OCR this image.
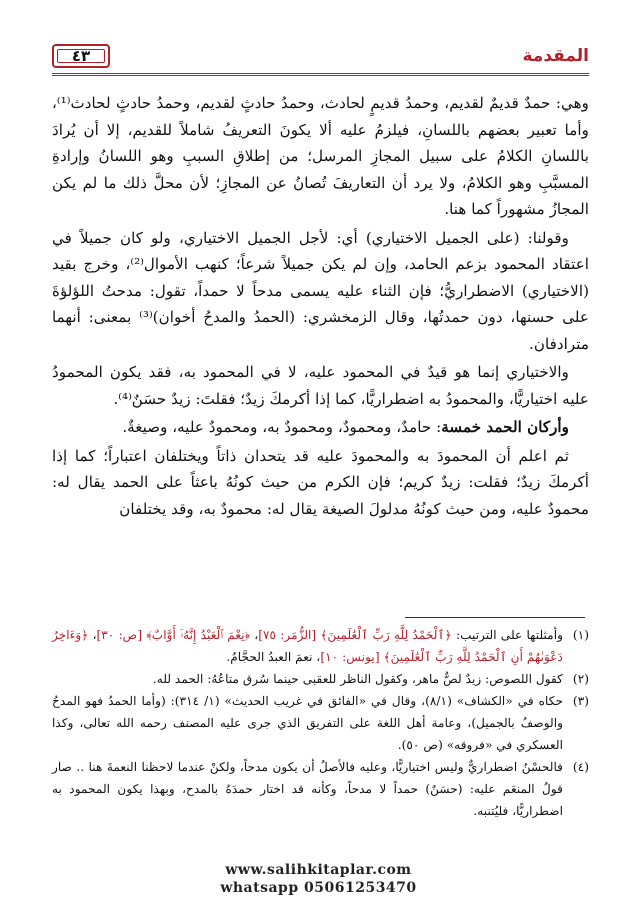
المقدمة
٤٣

وهي: حمدٌ قديمٌ لقديم، وحمدُ قديمٍ لحادث، وحمدُ حادثٍ لقديم، وحمدُ حادثٍ لحادث⁽¹⁾، وأما تعبير بعضهم باللسانِ، فيلزمُ عليه ألا يكونَ التعريفُ شاملاً للقديم، إلا أن يُرادَ باللسانِ الكلامُ على سبيل المجازِ المرسل؛ من إطلاقِ السببِ وهو اللسانُ وإرادةِ المسبَّبِ وهو الكلامُ، ولا يرد أن التعاريفَ تُصانُ عن المجازِ؛ لأن محلَّ ذلك ما لم يكن المجازُ مشهوراً كما هنا.

وقولنا: (على الجميل الاختياري) أي: لأجل الجميل الاختياري، ولو كان جميلاً في اعتقاد المحمود بزعم الحامد، وإن لم يكن جميلاً شرعاً؛ كنهب الأموال⁽²⁾، وخرج بقيد (الاختياري) الاضطراريُّ؛ فإن الثناء عليه يسمى مدحاً لا حمداً، تقول: مدحتُ اللؤلؤةَ على حسنها، دون حمدتُها، وقال الزمخشري: (الحمدُ والمدحُ أخوان)⁽³⁾ بمعنى: أنهما مترادفان.

والاختياري إنما هو قيدٌ في المحمود عليه، لا في المحمود به، فقد يكون المحمودُ عليه اختياريًّا، والمحمودُ به اضطراريًّا، كما إذا أكرمكَ زيدٌ؛ فقلتَ: زيدٌ حسَنٌ⁽⁴⁾.

وأركان الحمد خمسة: حامدٌ، ومحمودٌ، ومحمودٌ به، ومحمودٌ عليه، وصيغةٌ.

ثم اعلم أن المحمودَ به والمحمودَ عليه قد يتحدان ذاتاً ويختلفان اعتباراً؛ كما إذا أكرمكَ زيدٌ؛ فقلت: زيدٌ كريم؛ فإن الكرم من حيث كونُهُ باعثاً على الحمد يقال له: محمودٌ عليه، ومن حيث كونُهُ مدلولَ الصيغة يقال له: محمودٌ به، وقد يختلفان

(١)
وأمثلتها على الترتيب: ﴿ٱلْحَمْدُ لِلَّهِ رَبِّ ٱلْعَٰلَمِينَ﴾ [الزُّمَر: ٧٥]، ﴿نِعْمَ ٱلْعَبْدُ إِنَّهُۥٓ أَوَّابٌ﴾ [ص: ٣٠]، ﴿وَءَاخِرُ دَعْوَىٰهُمْ أَنِ ٱلْحَمْدُ لِلَّهِ رَبِّ ٱلْعَٰلَمِينَ﴾ [يونس: ١٠]، نعمَ العبدُ الحجَّامُ.
(٢)
كقول اللصوص: زيدٌ لصٌّ ماهر، وكقول الناظر للعقبى حينما سُرق متاعُهُ: الحمد لله.
(٣)
حكاه في «الكشاف» (٨/١)، وقال في «الفائق في غريب الحديث» (١/ ٣١٤): (وأما الحمدُ فهو المدحُ والوصفُ بالجميل)، وعامة أهل اللغة على التفريق الذي جرى عليه المصنف رحمه الله تعالى، وكذا العسكري في «فروقه» (ص ٥٠).
(٤)
فالحسْنُ اضطراريٌّ وليس اختياريًّا، وعليه فالأصلُ أن يكون مدحاً، ولكنْ عندما لاحظنا النعمةَ هنا .. صار قولُ المنعَم عليه: (حسَنٌ) حمداً لا مدحاً، وكأنه قد اختار حمدَهُ بالمدح، وبهذا يكون المحمود به اضطراريًّا، فليُتنبه.
www.salihkitaplar.com
whatsapp 05061253470
